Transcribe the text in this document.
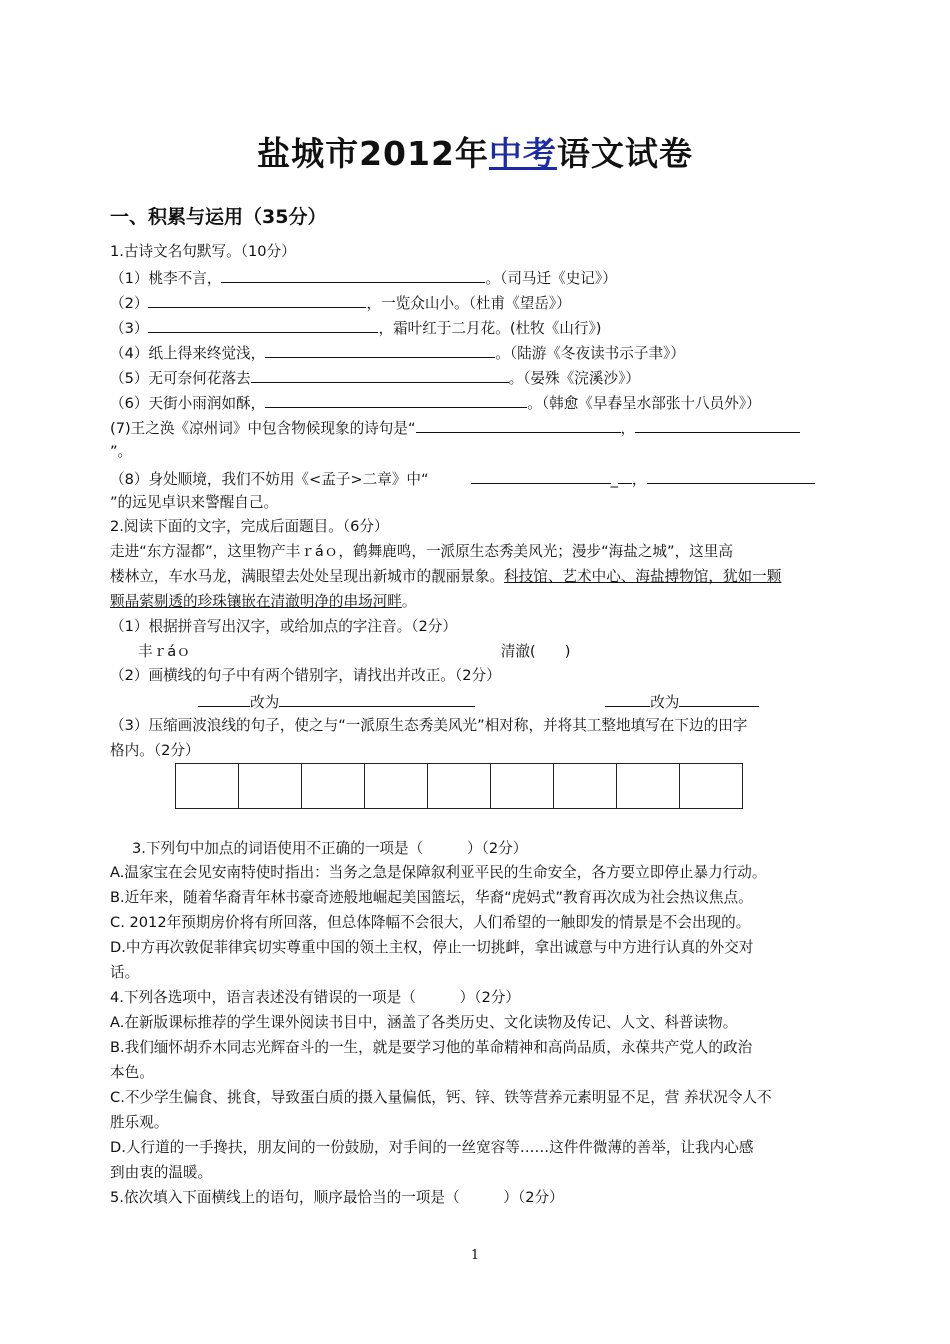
盐城市2012年中考语文试卷
一、积累与运用（35分）
1.古诗文名句默写。（10分）
（1）桃李不言，	。（司马迁《史记》）
（2）	，一览众山小。（杜甫《望岳》）
（3）	，霜叶红于二月花。(杜牧《山行》)
（4）纸上得来终觉浅，	。（陆游《冬夜读书示子聿》）
（5）无可奈何花落去	。（晏殊《浣溪沙》）
（6）天街小雨润如酥，	。（韩愈《早春呈水部张十八员外》）
(7)王之涣《凉州词》中包含物候现象的诗句是“	，
”。
（8）身处顺境，我们不妨用《<孟子>二章》中“	_ ，
”的远见卓识来警醒自己。
2.阅读下面的文字，完成后面题目。（6分）
走进“东方湿都”，这里物产丰ｒáｏ，鹤舞鹿鸣，一派原生态秀美风光；漫步“海盐之城”，这里高
楼林立，车水马龙，满眼望去处处呈现出新城市的靓丽景象。科技馆、艺术中心、海盐搏物馆，犹如一颗
颗晶萦剔透的珍珠镶嵌在清澈明净的串场河畔。
（1）根据拼音写出汉字，或给加点的字注音。（2分）
丰ｒáｏ	清澈(　　)
（2）画横线的句子中有两个错别字，请找出并改正。（2分）
改为	改为
（3）压缩画波浪线的句子，使之与“一派原生态秀美风光”相对称，并将其工整地填写在下边的田字
格内。（2分）
3.下列句中加点的词语使用不正确的一项是（　　　）（2分）
A.温家宝在会见安南特使时指出：当务之急是保障叙利亚平民的生命安全，各方要立即停止暴力行动。
B.近年来，随着华裔青年林书豪奇迹般地崛起美国篮坛，华裔“虎妈式”教育再次成为社会热议焦点。
C. 2012年预期房价将有所回落，但总体降幅不会很大，人们希望的一触即发的情景是不会出现的。
D.中方再次敦促菲律宾切实尊重中国的领土主权，停止一切挑衅，拿出诚意与中方进行认真的外交对
话。
4.下列各选项中，语言表述没有错误的一项是（　　　）（2分）
A.在新版课标推荐的学生课外阅读书目中，涵盖了各类历史、文化读物及传记、人文、科普读物。
B.我们缅怀胡乔木同志光辉奋斗的一生，就是要学习他的革命精神和高尚品质，永葆共产党人的政治
本色。
C.不少学生偏食、挑食，导致蛋白质的摄入量偏低，钙、锌、铁等营养元素明显不足，营 养状况令人不
胜乐观。
D.人行道的一手搀扶，朋友间的一份鼓励，对手间的一丝宽容等……这件件微薄的善举，让我内心感
到由衷的温暖。
5.依次填入下面横线上的语句，顺序最恰当的一项是（　　　）（2分）
1
